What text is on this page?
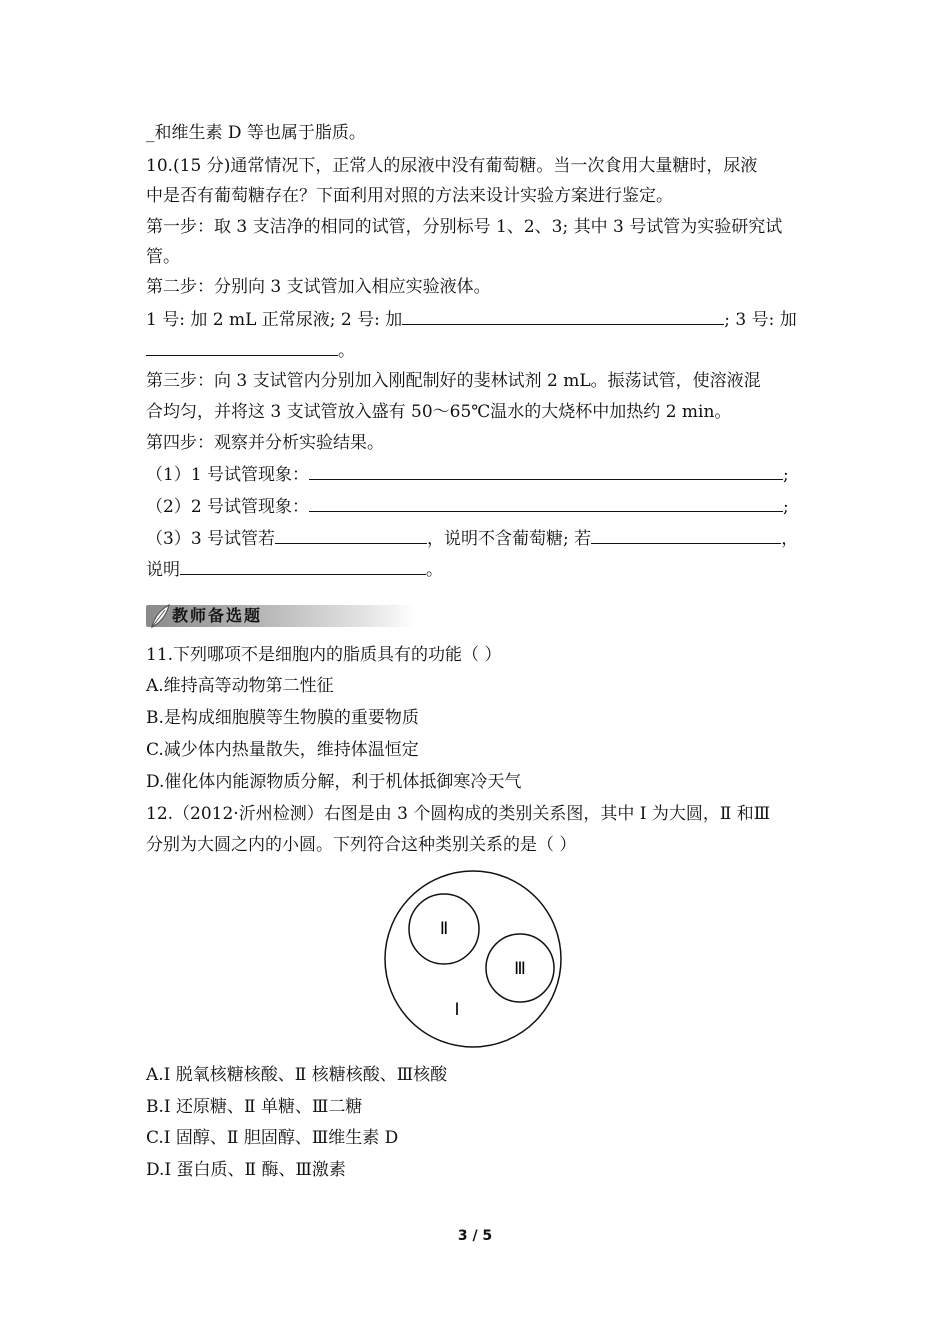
_和维生素 D 等也属于脂质。
10.(15 分)通常情况下，正常人的尿液中没有葡萄糖。当一次食用大量糖时，尿液
中是否有葡萄糖存在？下面利用对照的方法来设计实验方案进行鉴定。
第一步：取 3 支洁净的相同的试管，分别标号 1、2、3; 其中 3 号试管为实验研究试
管。
第二步：分别向 3 支试管加入相应实验液体。
1 号: 加 2 mL 正常尿液; 2 号: 加	; 3 号: 加
。
第三步：向 3 支试管内分别加入刚配制好的斐林试剂 2 mL。振荡试管，使溶液混
合均匀，并将这 3 支试管放入盛有 50～65℃温水的大烧杯中加热约 2 min。
第四步：观察并分析实验结果。
（1）1 号试管现象：	;
（2）2 号试管现象：	;
（3）3 号试管若	，说明不含葡萄糖; 若	，
说明	。
教师备选题
11.下列哪项不是细胞内的脂质具有的功能（ ）
A.维持高等动物第二性征
B.是构成细胞膜等生物膜的重要物质
C.减少体内热量散失，维持体温恒定
D.催化体内能源物质分解，利于机体抵御寒冷天气
12.（2012·沂州检测）右图是由 3 个圆构成的类别关系图，其中 Ⅰ 为大圆，Ⅱ 和Ⅲ
分别为大圆之内的小圆。下列符合这种类别关系的是（ ）
Ⅱ
Ⅲ
Ⅰ
A.Ⅰ 脱氧核糖核酸、Ⅱ 核糖核酸、Ⅲ核酸
B.Ⅰ 还原糖、Ⅱ 单糖、Ⅲ二糖
C.Ⅰ 固醇、Ⅱ 胆固醇、Ⅲ维生素 D
D.Ⅰ 蛋白质、Ⅱ 酶、Ⅲ激素
3 / 5
